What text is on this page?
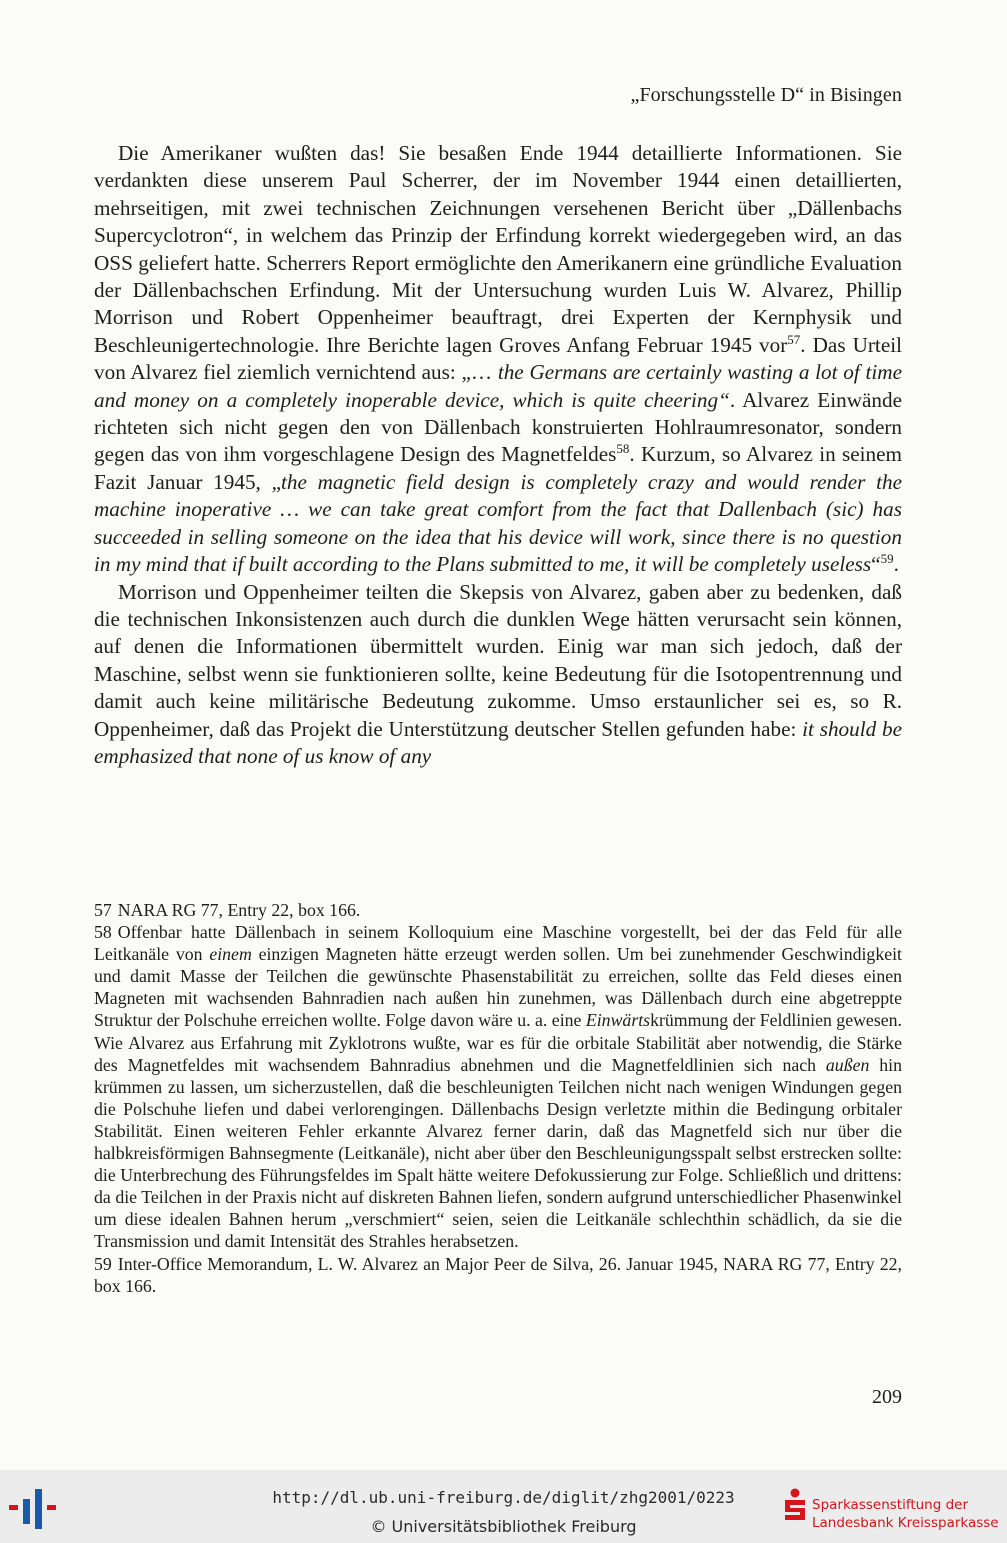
„Forschungsstelle D“ in Bisingen

Die Amerikaner wußten das! Sie besaßen Ende 1944 detaillierte Informationen. Sie verdankten diese unserem Paul Scherrer, der im November 1944 einen detaillierten, mehrseitigen, mit zwei technischen Zeichnungen versehenen Bericht über „Dällenbachs Supercyclotron“, in welchem das Prinzip der Erfindung korrekt wiedergegeben wird, an das OSS geliefert hatte. Scherrers Report ermöglichte den Amerikanern eine gründliche Evaluation der Dällenbachschen Erfindung. Mit der Untersuchung wurden Luis W. Alvarez, Phillip Morrison und Robert Oppenheimer beauftragt, drei Experten der Kernphysik und Beschleunigertechnologie. Ihre Berichte lagen Groves Anfang Februar 1945 vor$^{57}$. Das Urteil von Alvarez fiel ziemlich vernichtend aus: „… the Germans are certainly wasting a lot of time and money on a completely inoperable device, which is quite cheering“. Alvarez Einwände richteten sich nicht gegen den von Dällenbach konstruierten Hohlraumresonator, sondern gegen das von ihm vorgeschlagene Design des Magnetfeldes$^{58}$. Kurzum, so Alvarez in seinem Fazit Januar 1945, „the magnetic field design is completely crazy and would render the machine inoperative … we can take great comfort from the fact that Dallenbach (sic) has succeeded in selling someone on the idea that his device will work, since there is no question in my mind that if built according to the Plans submitted to me, it will be completely useless“$^{59}$.

Morrison und Oppenheimer teilten die Skepsis von Alvarez, gaben aber zu bedenken, daß die technischen Inkonsistenzen auch durch die dunklen Wege hätten verursacht sein können, auf denen die Informationen übermittelt wurden. Einig war man sich jedoch, daß der Maschine, selbst wenn sie funktionieren sollte, keine Bedeutung für die Isotopentrennung und damit auch keine militärische Bedeutung zukomme. Umso erstaunlicher sei es, so R. Oppenheimer, daß das Projekt die Unterstützung deutscher Stellen gefunden habe: it should be emphasized that none of us know of any

57 NARA RG 77, Entry 22, box 166.

58 Offenbar hatte Dällenbach in seinem Kolloquium eine Maschine vorgestellt, bei der das Feld für alle Leitkanäle von einem einzigen Magneten hätte erzeugt werden sollen. Um bei zunehmender Geschwindigkeit und damit Masse der Teilchen die gewünschte Phasenstabilität zu erreichen, sollte das Feld dieses einen Magneten mit wachsenden Bahnradien nach außen hin zunehmen, was Dällenbach durch eine abgetreppte Struktur der Polschuhe erreichen wollte. Folge davon wäre u. a. eine Einwärtskrümmung der Feldlinien gewesen. Wie Alvarez aus Erfahrung mit Zyklotrons wußte, war es für die orbitale Stabilität aber notwendig, die Stärke des Magnetfeldes mit wachsendem Bahnradius abnehmen und die Magnetfeldlinien sich nach außen hin krümmen zu lassen, um sicherzustellen, daß die beschleunigten Teilchen nicht nach wenigen Windungen gegen die Polschuhe liefen und dabei verlorengingen. Dällenbachs Design verletzte mithin die Bedingung orbitaler Stabilität. Einen weiteren Fehler erkannte Alvarez ferner darin, daß das Magnetfeld sich nur über die halbkreisförmigen Bahnsegmente (Leitkanäle), nicht aber über den Beschleunigungsspalt selbst erstrecken sollte: die Unterbrechung des Führungsfeldes im Spalt hätte weitere Defokussierung zur Folge. Schließlich und drittens: da die Teilchen in der Praxis nicht auf diskreten Bahnen liefen, sondern aufgrund unterschiedlicher Phasenwinkel um diese idealen Bahnen herum „verschmiert“ seien, seien die Leitkanäle schlechthin schädlich, da sie die Transmission und damit Intensität des Strahles herabsetzen.

59 Inter-Office Memorandum, L. W. Alvarez an Major Peer de Silva, 26. Januar 1945, NARA RG 77, Entry 22, box 166.

209
http://dl.ub.uni-freiburg.de/diglit/zhg2001/0223
© Universitätsbibliothek Freiburg
Sparkassenstiftung der
Landesbank Kreissparkasse
